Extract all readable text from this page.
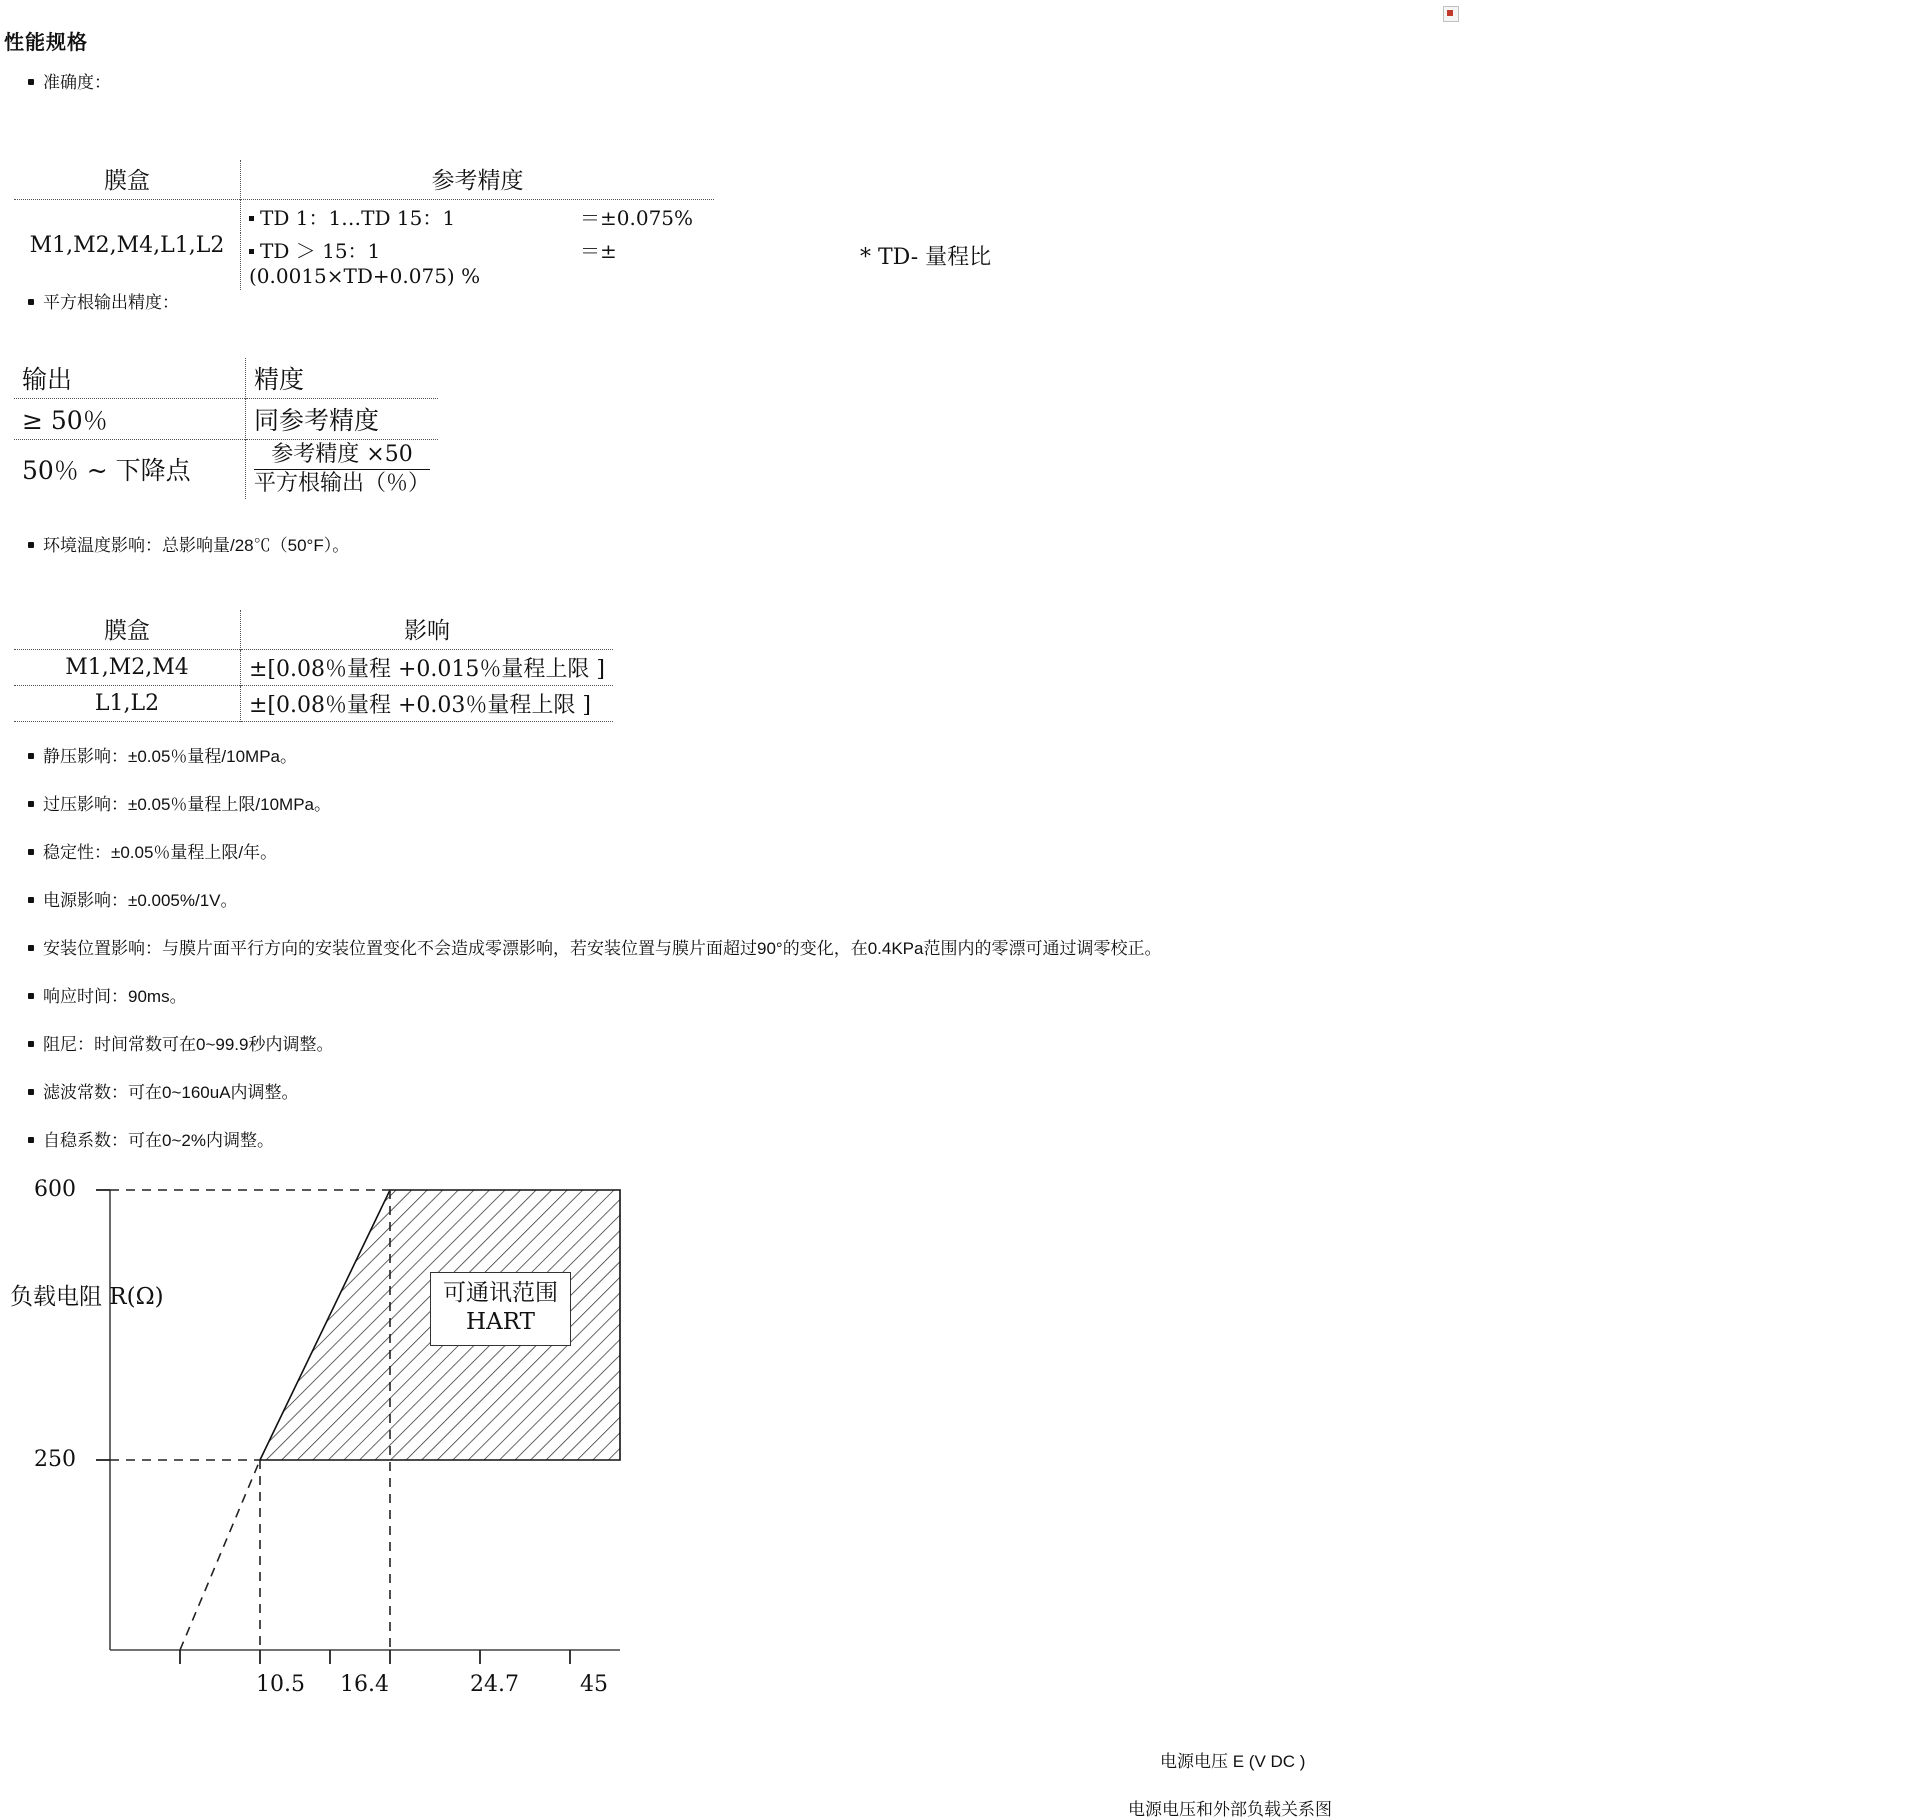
性能规格
准确度：
膜盒	参考精度
M1,M2,M4,L1,L2	TD 1：1…TD 15：1 ＝±0.075%
	TD ＞ 15：1 ＝±(0.0015×TD+0.075) %
* TD- 量程比
平方根输出精度：
输出	精度
≥ 50％	同参考精度
50％ ~ 下降点	$\frac{\text{参考精度 ×50}}{\text{平方根输出（％）}}$
环境温度影响：总影响量/28℃（50°F）。
膜盒	影响
M1,M2,M4	±[0.08％量程 +0.015％量程上限 ]
L1,L2	±[0.08％量程 +0.03％量程上限 ]

静压影响：±0.05％量程/10MPa。
过压影响：±0.05％量程上限/10MPa。
稳定性：±0.05％量程上限/年。
电源影响：±0.005%/1V。
安装位置影响：与膜片面平行方向的安装位置变化不会造成零漂影响，若安装位置与膜片面超过90°的变化，在0.4KPa范围内的零漂可通过调零校正。
响应时间：90ms。
阻尼：时间常数可在0~99.9秒内调整。
滤波常数：可在0~160uA内调整。
自稳系数：可在0~2%内调整。
600
250
负载电阻 R(Ω)
10.5 16.4	24.7	45
可通讯范围
HART
电源电压 E (V DC )
电源电压和外部负载关系图
